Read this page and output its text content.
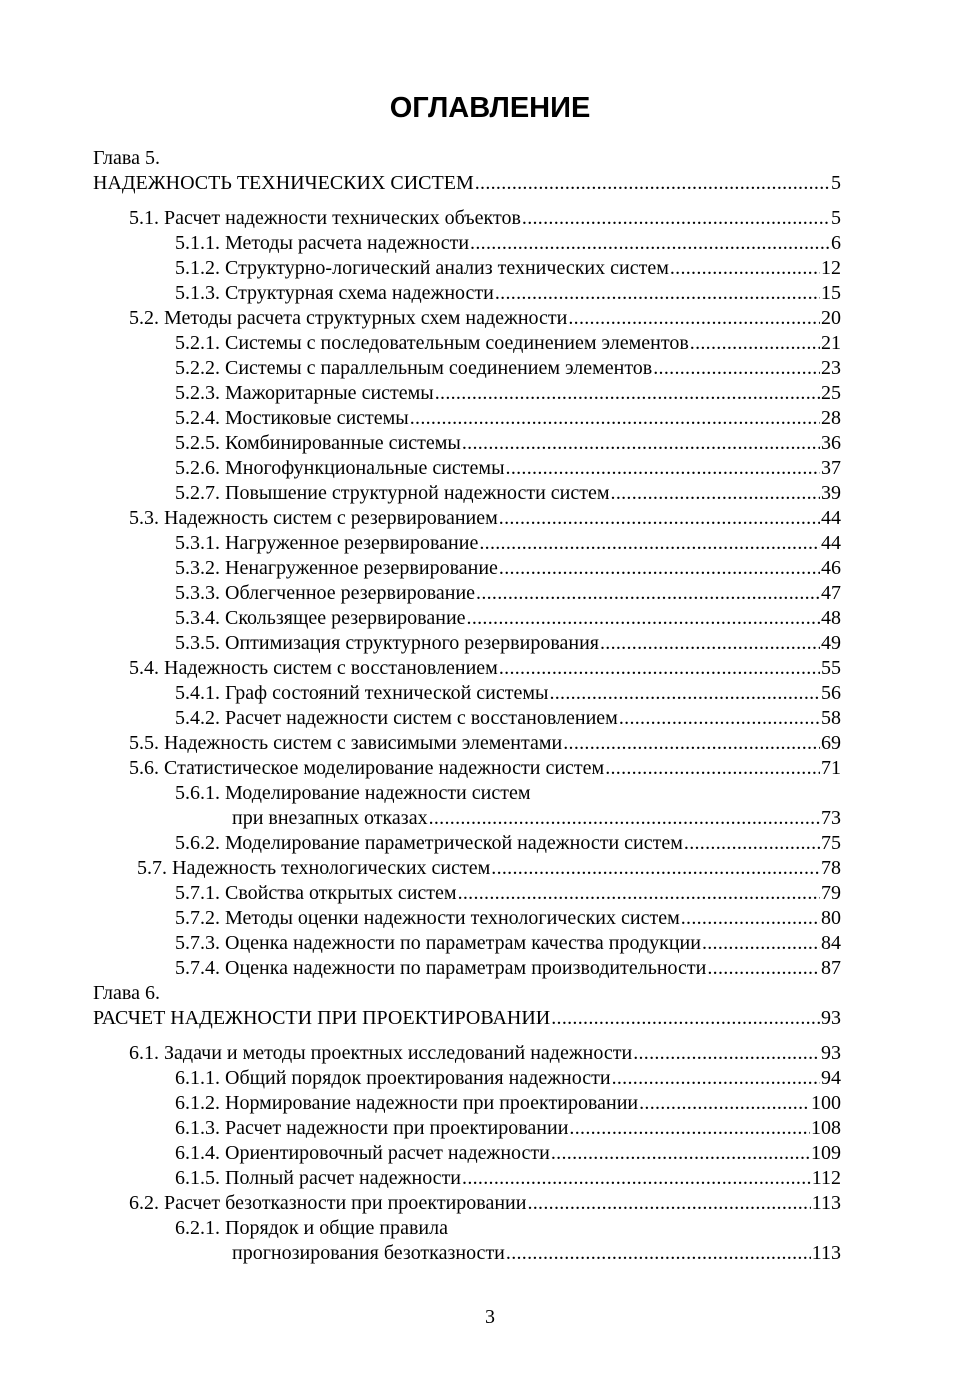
ОГЛАВЛЕНИЕ
Глава 5.
НАДЕЖНОСТЬ ТЕХНИЧЕСКИХ СИСТЕМ .....	5
5.1. Расчет надежности технических объектов .....	5
5.1.1. Методы расчета надежности .....	6
5.1.2. Структурно-логический анализ технических систем .....	12
5.1.3. Структурная схема надежности .....	15
5.2. Методы расчета структурных схем надежности .....	20
5.2.1. Системы с последовательным соединением элементов .....	21
5.2.2. Системы с параллельным соединением элементов .....	23
5.2.3. Мажоритарные системы .....	25
5.2.4. Мостиковые системы .....	28
5.2.5. Комбинированные системы .....	36
5.2.6. Многофункциональные системы .....	37
5.2.7. Повышение структурной надежности систем .....	39
5.3. Надежность систем с резервированием .....	44
5.3.1. Нагруженное резервирование .....	44
5.3.2. Ненагруженное резервирование .....	46
5.3.3. Облегченное резервирование .....	47
5.3.4. Скользящее резервирование .....	48
5.3.5. Оптимизация структурного резервирования .....	49
5.4. Надежность систем с восстановлением .....	55
5.4.1. Граф состояний технической системы .....	56
5.4.2. Расчет надежности систем с восстановлением .....	58
5.5. Надежность систем с зависимыми элементами .....	69
5.6. Статистическое моделирование надежности систем .....	71
5.6.1. Моделирование надежности систем
при внезапных отказах .....	73
5.6.2. Моделирование параметрической надежности систем .....	75
5.7. Надежность технологических систем .....	78
5.7.1. Свойства открытых систем .....	79
5.7.2. Методы оценки надежности технологических систем .....	80
5.7.3. Оценка надежности по параметрам качества продукции .....	84
5.7.4. Оценка надежности по параметрам производительности .....	87
Глава 6.
РАСЧЕТ НАДЕЖНОСТИ ПРИ ПРОЕКТИРОВАНИИ .....	93
6.1. Задачи и методы проектных исследований надежности .....	93
6.1.1. Общий порядок проектирования надежности .....	94
6.1.2. Нормирование надежности при проектировании .....	100
6.1.3. Расчет надежности при проектировании .....	108
6.1.4. Ориентировочный расчет надежности .....	109
6.1.5. Полный расчет надежности .....	112
6.2. Расчет безотказности при проектировании .....	113
6.2.1. Порядок и общие правила
прогнозирования безотказности .....	113
3
